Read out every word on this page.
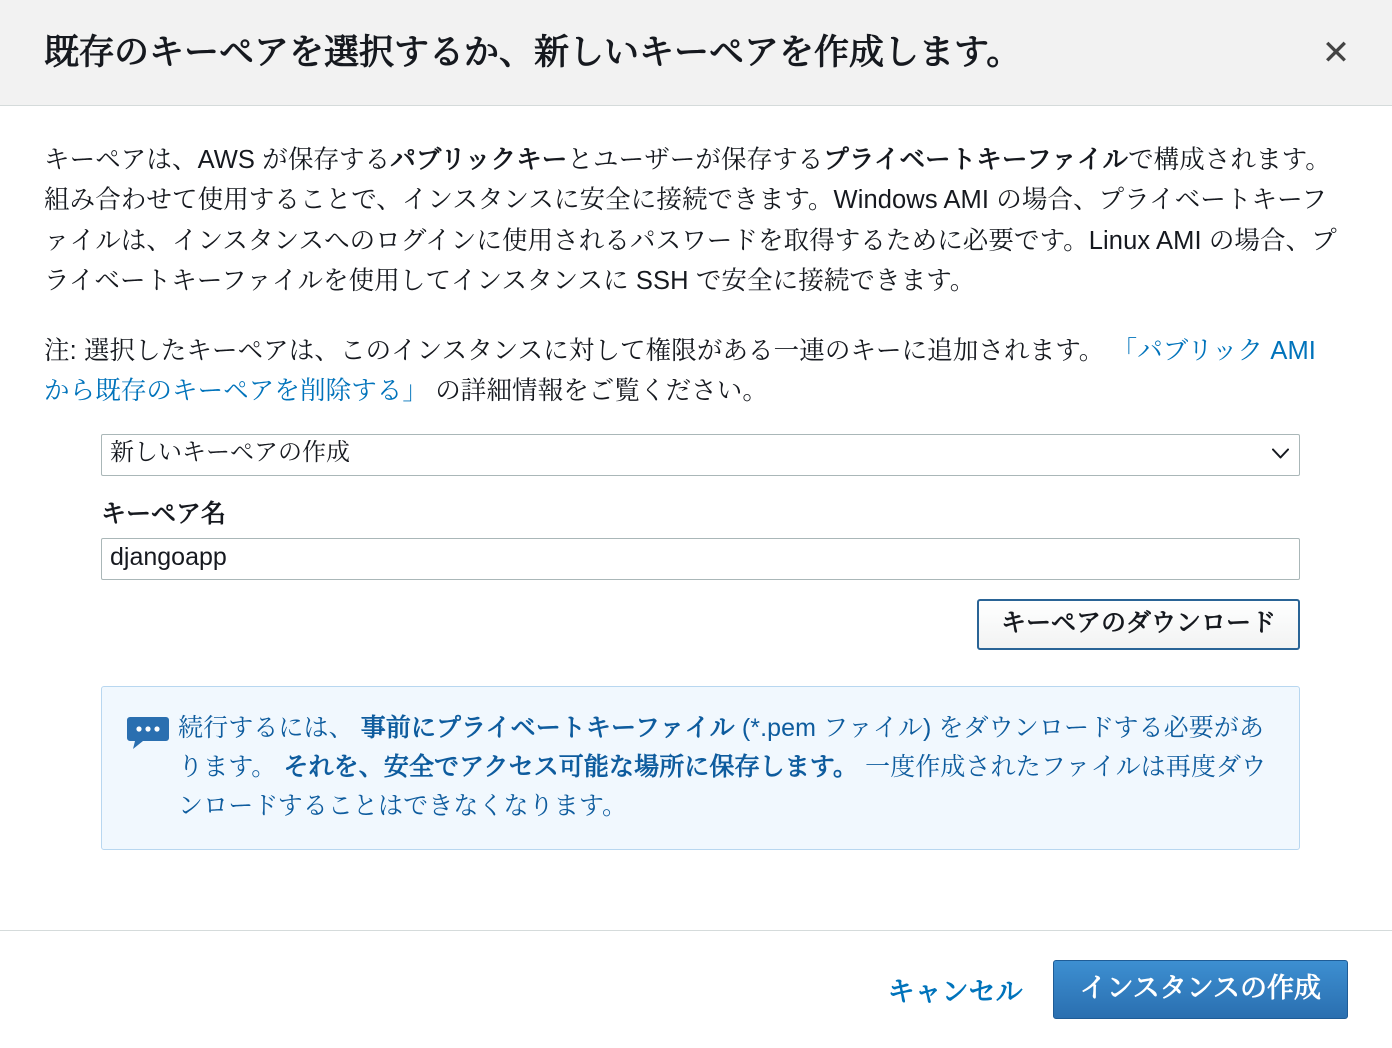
既存のキーペアを選択するか、新しいキーペアを作成します。	✕

キーペアは、AWS が保存するパブリックキーとユーザーが保存するプライベートキーファイルで構成されます。組み合わせて使用することで、インスタンスに安全に接続できます。Windows AMI の場合、プライベートキーファイルは、インスタンスへのログインに使用されるパスワードを取得するために必要です。Linux AMI の場合、プライベートキーファイルを使用してインスタンスに SSH で安全に接続できます。

注: 選択したキーペアは、このインスタンスに対して権限がある一連のキーに追加されます。 「パブリック AMI から既存のキーペアを削除する」 の詳細情報をご覧ください。

新しいキーペアの作成
キーペア名
djangoapp
キーペアのダウンロード
続行するには、 事前にプライベートキーファイル (*.pem ファイル) をダウンロードする必要があります。 それを、安全でアクセス可能な場所に保存します。 一度作成されたファイルは再度ダウンロードすることはできなくなります。
キャンセル	インスタンスの作成
